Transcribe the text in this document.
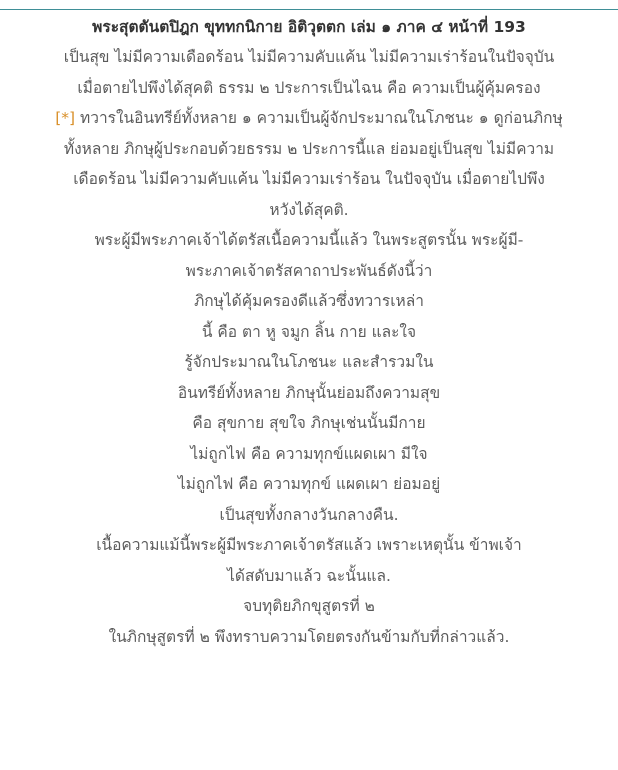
พระสุตตันตปิฎก ขุททกนิกาย อิติวุตตก เล่ม ๑ ภาค ๔ หน้าที่ 193
เป็นสุข ไม่มีความเดือดร้อน ไม่มีความคับแค้น ไม่มีความเร่าร้อนในปัจจุบัน
เมื่อตายไปพึงได้สุคติ ธรรม ๒ ประการเป็นไฉน คือ ความเป็นผู้คุ้มครอง
[*] ทวารในอินทรีย์ทั้งหลาย ๑ ความเป็นผู้จักประมาณในโภชนะ ๑ ดูก่อนภิกษุ
ทั้งหลาย ภิกษุผู้ประกอบด้วยธรรม ๒ ประการนี้แล ย่อมอยู่เป็นสุข ไม่มีความ
เดือดร้อน ไม่มีความคับแค้น ไม่มีความเร่าร้อน ในปัจจุบัน เมื่อตายไปพึง
หวังได้สุคติ.
พระผู้มีพระภาคเจ้าได้ตรัสเนื้อความนี้แล้ว ในพระสูตรนั้น พระผู้มี-
พระภาคเจ้าตรัสคาถาประพันธ์ดังนี้ว่า
ภิกษุได้คุ้มครองดีแล้วซึ่งทวารเหล่า
นี้ คือ ตา หู จมูก ลิ้น กาย และใจ
รู้จักประมาณในโภชนะ และสำรวมใน
อินทรีย์ทั้งหลาย ภิกษุนั้นย่อมถึงความสุข
คือ สุขกาย สุขใจ ภิกษุเช่นนั้นมีกาย
ไม่ถูกไฟ คือ ความทุกข์แผดเผา มีใจ
ไม่ถูกไฟ คือ ความทุกข์ แผดเผา ย่อมอยู่
เป็นสุขทั้งกลางวันกลางคืน.
เนื้อความแม้นี้พระผู้มีพระภาคเจ้าตรัสแล้ว เพราะเหตุนั้น ข้าพเจ้า
ได้สดับมาแล้ว ฉะนั้นแล.
จบทุติยภิกขุสูตรที่ ๒
ในภิกษุสูตรที่ ๒ พึงทราบความโดยตรงกันข้ามกับที่กล่าวแล้ว.
